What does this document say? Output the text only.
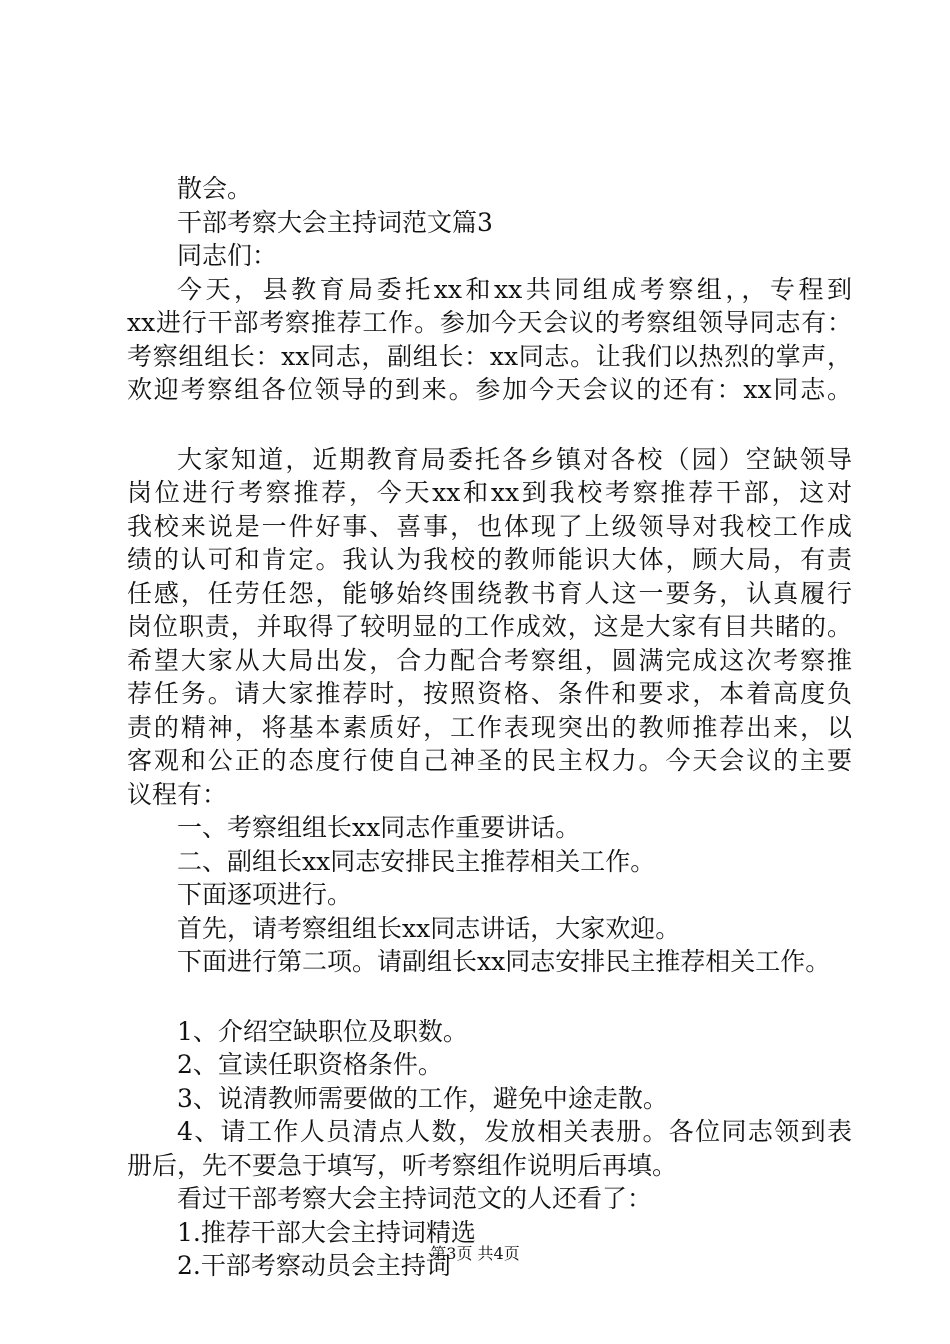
散会。
干部考察大会主持词范文篇3
同志们：
今天，县教育局委托xx和xx共同组成考察组，，专程到
xx进行干部考察推荐工作。参加今天会议的考察组领导同志有：
考察组组长：xx同志，副组长：xx同志。让我们以热烈的掌声，
欢迎考察组各位领导的到来。参加今天会议的还有：xx同志。
大家知道，近期教育局委托各乡镇对各校（园）空缺领导
岗位进行考察推荐，今天xx和xx到我校考察推荐干部，这对
我校来说是一件好事、喜事，也体现了上级领导对我校工作成
绩的认可和肯定。我认为我校的教师能识大体，顾大局，有责
任感，任劳任怨，能够始终围绕教书育人这一要务，认真履行
岗位职责，并取得了较明显的工作成效，这是大家有目共睹的。
希望大家从大局出发，合力配合考察组，圆满完成这次考察推
荐任务。请大家推荐时，按照资格、条件和要求，本着高度负
责的精神，将基本素质好，工作表现突出的教师推荐出来，以
客观和公正的态度行使自己神圣的民主权力。今天会议的主要
议程有：
一、考察组组长xx同志作重要讲话。
二、副组长xx同志安排民主推荐相关工作。
下面逐项进行。
首先，请考察组组长xx同志讲话，大家欢迎。
下面进行第二项。请副组长xx同志安排民主推荐相关工作。
1、介绍空缺职位及职数。
2、宣读任职资格条件。
3、说清教师需要做的工作，避免中途走散。
4、请工作人员清点人数，发放相关表册。各位同志领到表
册后，先不要急于填写，听考察组作说明后再填。
看过干部考察大会主持词范文的人还看了：
1.推荐干部大会主持词精选
2.干部考察动员会主持词
第3页 共4页
